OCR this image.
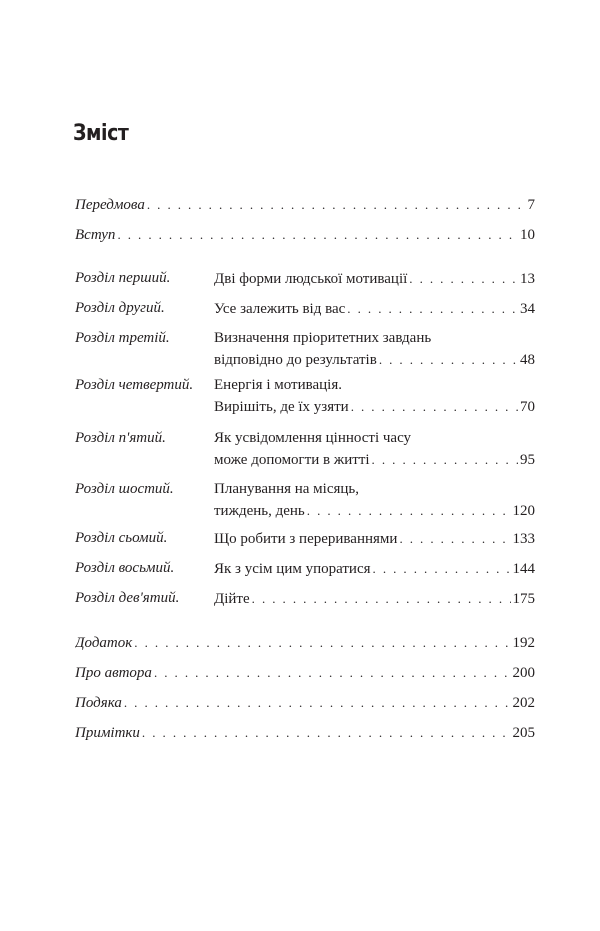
Зміст
Передмова . . .	7
Вступ . . .	10
Розділ перший.	Дві форми людської мотивації . . .	13
Розділ другий.	Усе залежить від вас . . .	34
Розділ третій.	Визначення пріоритетних завдань
відповідно до результатів . . .	48
Розділ четвертий. Енергія і мотивація.
Вирішіть, де їх узяти . . .	70
Розділ п'ятий.	Як усвідомлення цінності часу
може допомогти в житті . . .	95
Розділ шостий.	Планування на місяць,
тиждень, день . . .	120
Розділ сьомий.	Що робити з перериваннями . . .	133
Розділ восьмий.	Як з усім цим упоратися . . .	144
Розділ дев'ятий. Дійте . . .	175
Додаток . . .	192
Про автора . . .	200
Подяка . . .	202
Примітки . . .	205
